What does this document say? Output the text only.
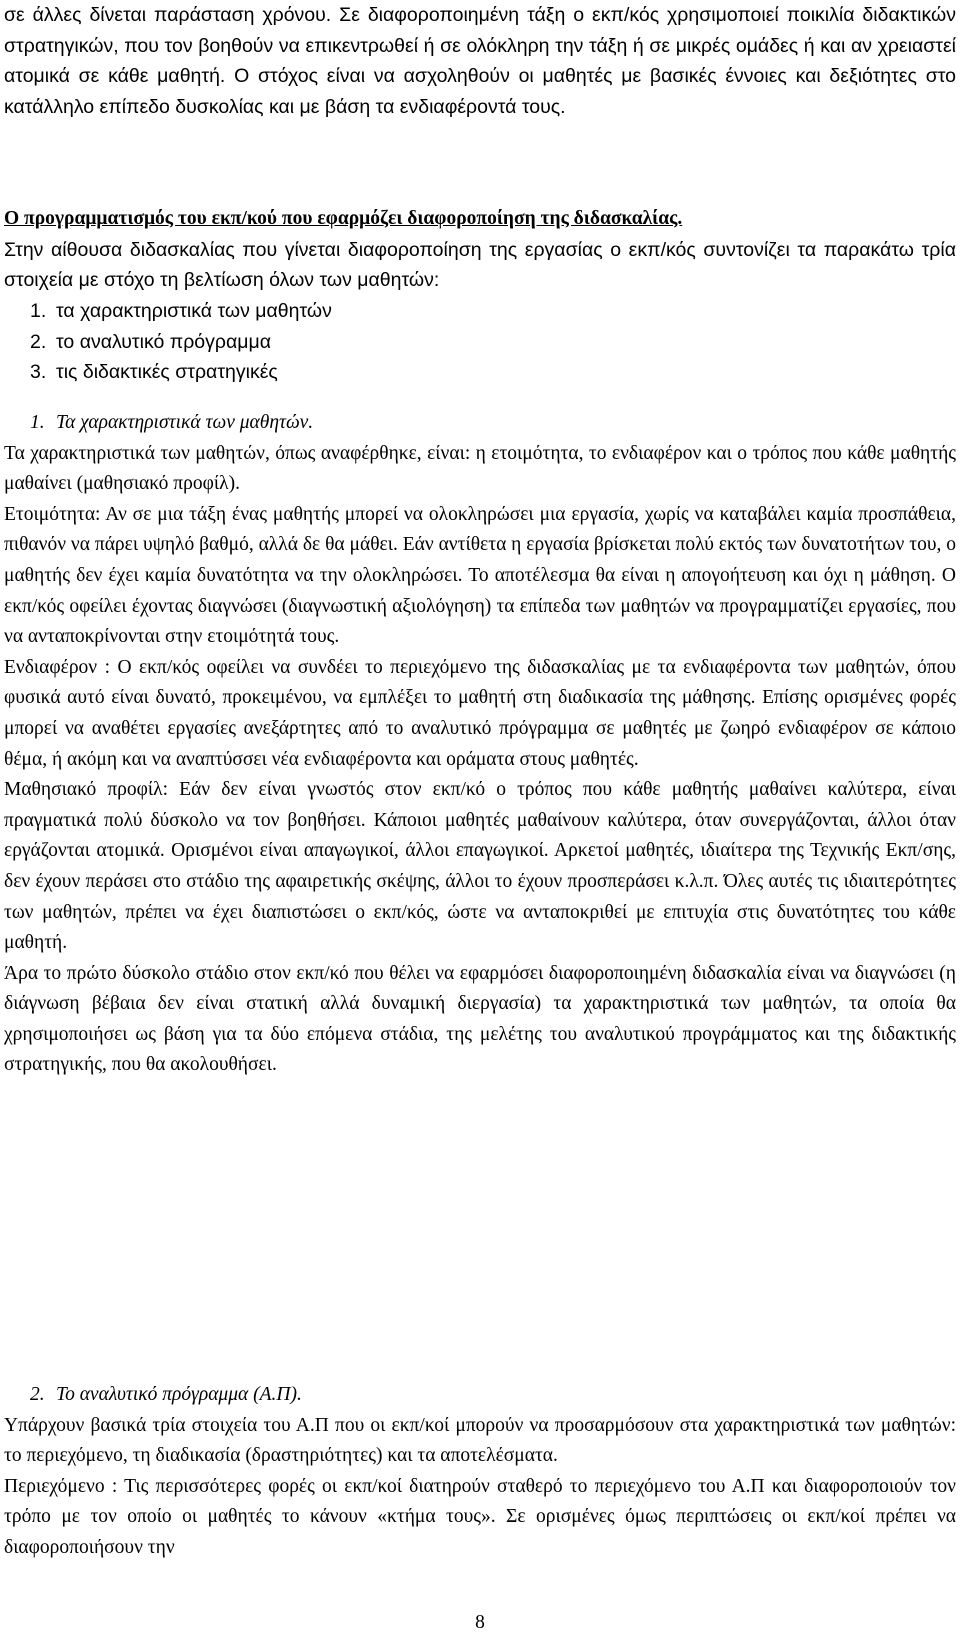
σε άλλες δίνεται παράσταση χρόνου. Σε διαφοροποιημένη τάξη ο εκπ/κός χρησιμοποιεί ποικιλία διδακτικών στρατηγικών, που τον βοηθούν να επικεντρωθεί ή σε ολόκληρη την τάξη ή σε μικρές ομάδες ή και αν χρειαστεί ατομικά σε κάθε μαθητή. Ο στόχος είναι να ασχοληθούν οι μαθητές με βασικές έννοιες και δεξιότητες στο κατάλληλο επίπεδο δυσκολίας και με βάση τα ενδιαφέροντά τους.

Ο προγραμματισμός του εκπ/κού που εφαρμόζει διαφοροποίηση της διδασκαλίας.

Στην αίθουσα διδασκαλίας που γίνεται διαφοροποίηση της εργασίας ο εκπ/κός συντονίζει τα παρακάτω τρία στοιχεία με στόχο τη βελτίωση όλων των μαθητών:

1. τα χαρακτηριστικά των μαθητών
2. το αναλυτικό πρόγραμμα
3. τις διδακτικές στρατηγικές

1. Τα χαρακτηριστικά των μαθητών.

Τα χαρακτηριστικά των μαθητών, όπως αναφέρθηκε, είναι: η ετοιμότητα, το ενδιαφέρον και ο τρόπος που κάθε μαθητής μαθαίνει (μαθησιακό προφίλ).

Ετοιμότητα: Αν σε μια τάξη ένας μαθητής μπορεί να ολοκληρώσει μια εργασία, χωρίς να καταβάλει καμία προσπάθεια, πιθανόν να πάρει υψηλό βαθμό, αλλά δε θα μάθει. Εάν αντίθετα η εργασία βρίσκεται πολύ εκτός των δυνατοτήτων του, ο μαθητής δεν έχει καμία δυνατότητα να την ολοκληρώσει. Το αποτέλεσμα θα είναι η απογοήτευση και όχι η μάθηση. Ο εκπ/κός οφείλει έχοντας διαγνώσει (διαγνωστική αξιολόγηση) τα επίπεδα των μαθητών να προγραμματίζει εργασίες, που να ανταποκρίνονται στην ετοιμότητά τους.

Ενδιαφέρον : Ο εκπ/κός οφείλει να συνδέει το περιεχόμενο της διδασκαλίας με τα ενδιαφέροντα των μαθητών, όπου φυσικά αυτό είναι δυνατό, προκειμένου, να εμπλέξει το μαθητή στη διαδικασία της μάθησης. Επίσης ορισμένες φορές μπορεί να αναθέτει εργασίες ανεξάρτητες από το αναλυτικό πρόγραμμα σε μαθητές με ζωηρό ενδιαφέρον σε κάποιο θέμα, ή ακόμη και να αναπτύσσει νέα ενδιαφέροντα και οράματα στους μαθητές.

Μαθησιακό προφίλ: Εάν δεν είναι γνωστός στον εκπ/κό ο τρόπος που κάθε μαθητής μαθαίνει καλύτερα, είναι πραγματικά πολύ δύσκολο να τον βοηθήσει. Κάποιοι μαθητές μαθαίνουν καλύτερα, όταν συνεργάζονται, άλλοι όταν εργάζονται ατομικά. Ορισμένοι είναι απαγωγικοί, άλλοι επαγωγικοί. Αρκετοί μαθητές, ιδιαίτερα της Τεχνικής Εκπ/σης, δεν έχουν περάσει στο στάδιο της αφαιρετικής σκέψης, άλλοι το έχουν προσπεράσει κ.λ.π. Όλες αυτές τις ιδιαιτερότητες των μαθητών, πρέπει να έχει διαπιστώσει ο εκπ/κός, ώστε να ανταποκριθεί με επιτυχία στις δυνατότητες του κάθε μαθητή.

Άρα το πρώτο δύσκολο στάδιο στον εκπ/κό που θέλει να εφαρμόσει διαφοροποιημένη διδασκαλία είναι να διαγνώσει (η διάγνωση βέβαια δεν είναι στατική αλλά δυναμική διεργασία) τα χαρακτηριστικά των μαθητών, τα οποία θα χρησιμοποιήσει ως βάση για τα δύο επόμενα στάδια, της μελέτης του αναλυτικού προγράμματος και της διδακτικής στρατηγικής, που θα ακολουθήσει.

2. Το αναλυτικό πρόγραμμα (Α.Π).

Υπάρχουν βασικά τρία στοιχεία του Α.Π που οι εκπ/κοί μπορούν να προσαρμόσουν στα χαρακτηριστικά των μαθητών: το περιεχόμενο, τη διαδικασία (δραστηριότητες) και τα αποτελέσματα.

Περιεχόμενο : Τις περισσότερες φορές οι εκπ/κοί διατηρούν σταθερό το περιεχόμενο του Α.Π και διαφοροποιούν τον τρόπο με τον οποίο οι μαθητές το κάνουν «κτήμα τους». Σε ορισμένες όμως περιπτώσεις οι εκπ/κοί πρέπει να διαφοροποιήσουν την

8
